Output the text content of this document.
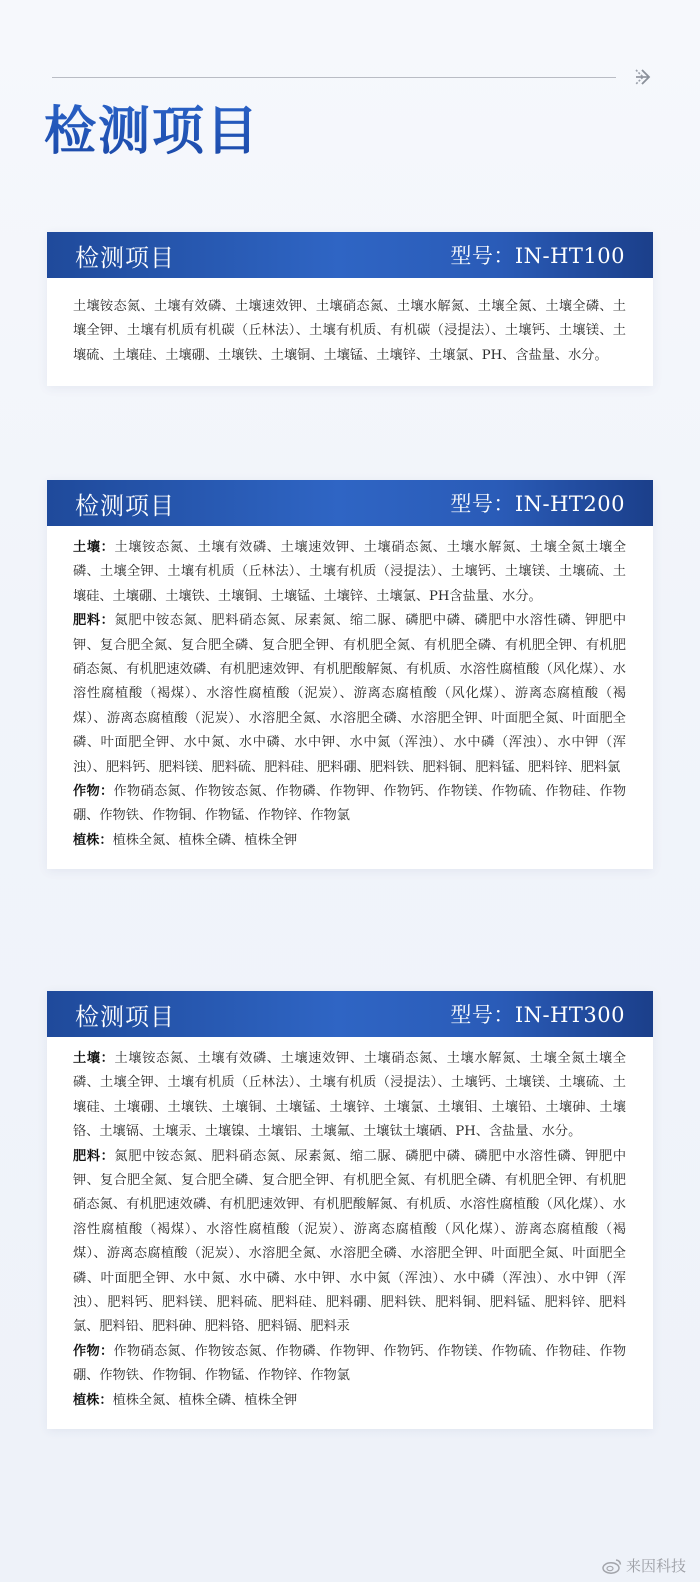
检测项目
检测项目	型号：IN-HT100

土壤铵态氮、土壤有效磷、土壤速效钾、土壤硝态氮、土壤水解氮、土壤全氮、土壤全磷、土壤全钾、土壤有机质有机碳（丘林法）、土壤有机质、有机碳（浸提法）、土壤钙、土壤镁、土壤硫、土壤硅、土壤硼、土壤铁、土壤铜、土壤锰、土壤锌、土壤氯、PH、含盐量、水分。

检测项目	型号：IN-HT200

土壤：土壤铵态氮、土壤有效磷、土壤速效钾、土壤硝态氮、土壤水解氮、土壤全氮土壤全磷、土壤全钾、土壤有机质（丘林法）、土壤有机质（浸提法）、土壤钙、土壤镁、土壤硫、土壤硅、土壤硼、土壤铁、土壤铜、土壤锰、土壤锌、土壤氯、PH含盐量、水分。

肥料：氮肥中铵态氮、肥料硝态氮、尿素氮、缩二脲、磷肥中磷、磷肥中水溶性磷、钾肥中钾、复合肥全氮、复合肥全磷、复合肥全钾、有机肥全氮、有机肥全磷、有机肥全钾、有机肥硝态氮、有机肥速效磷、有机肥速效钾、有机肥酸解氮、有机质、水溶性腐植酸（风化煤）、水溶性腐植酸（褐煤）、水溶性腐植酸（泥炭）、游离态腐植酸（风化煤）、游离态腐植酸（褐煤）、游离态腐植酸（泥炭）、水溶肥全氮、水溶肥全磷、水溶肥全钾、叶面肥全氮、叶面肥全磷、叶面肥全钾、水中氮、水中磷、水中钾、水中氮（浑浊）、水中磷（浑浊）、水中钾（浑浊）、肥料钙、肥料镁、肥料硫、肥料硅、肥料硼、肥料铁、肥料铜、肥料锰、肥料锌、肥料氯

作物：作物硝态氮、作物铵态氮、作物磷、作物钾、作物钙、作物镁、作物硫、作物硅、作物硼、作物铁、作物铜、作物锰、作物锌、作物氯

植株：植株全氮、植株全磷、植株全钾

检测项目	型号：IN-HT300

土壤：土壤铵态氮、土壤有效磷、土壤速效钾、土壤硝态氮、土壤水解氮、土壤全氮土壤全磷、土壤全钾、土壤有机质（丘林法）、土壤有机质（浸提法）、土壤钙、土壤镁、土壤硫、土壤硅、土壤硼、土壤铁、土壤铜、土壤锰、土壤锌、土壤氯、土壤钼、土壤铅、土壤砷、土壤铬、土壤镉、土壤汞、土壤镍、土壤铝、土壤氟、土壤钛土壤硒、PH、含盐量、水分。

肥料：氮肥中铵态氮、肥料硝态氮、尿素氮、缩二脲、磷肥中磷、磷肥中水溶性磷、钾肥中钾、复合肥全氮、复合肥全磷、复合肥全钾、有机肥全氮、有机肥全磷、有机肥全钾、有机肥硝态氮、有机肥速效磷、有机肥速效钾、有机肥酸解氮、有机质、水溶性腐植酸（风化煤）、水溶性腐植酸（褐煤）、水溶性腐植酸（泥炭）、游离态腐植酸（风化煤）、游离态腐植酸（褐煤）、游离态腐植酸（泥炭）、水溶肥全氮、水溶肥全磷、水溶肥全钾、叶面肥全氮、叶面肥全磷、叶面肥全钾、水中氮、水中磷、水中钾、水中氮（浑浊）、水中磷（浑浊）、水中钾（浑浊）、肥料钙、肥料镁、肥料硫、肥料硅、肥料硼、肥料铁、肥料铜、肥料锰、肥料锌、肥料氯、肥料铅、肥料砷、肥料铬、肥料镉、肥料汞

作物：作物硝态氮、作物铵态氮、作物磷、作物钾、作物钙、作物镁、作物硫、作物硅、作物硼、作物铁、作物铜、作物锰、作物锌、作物氯

植株：植株全氮、植株全磷、植株全钾

来因科技
